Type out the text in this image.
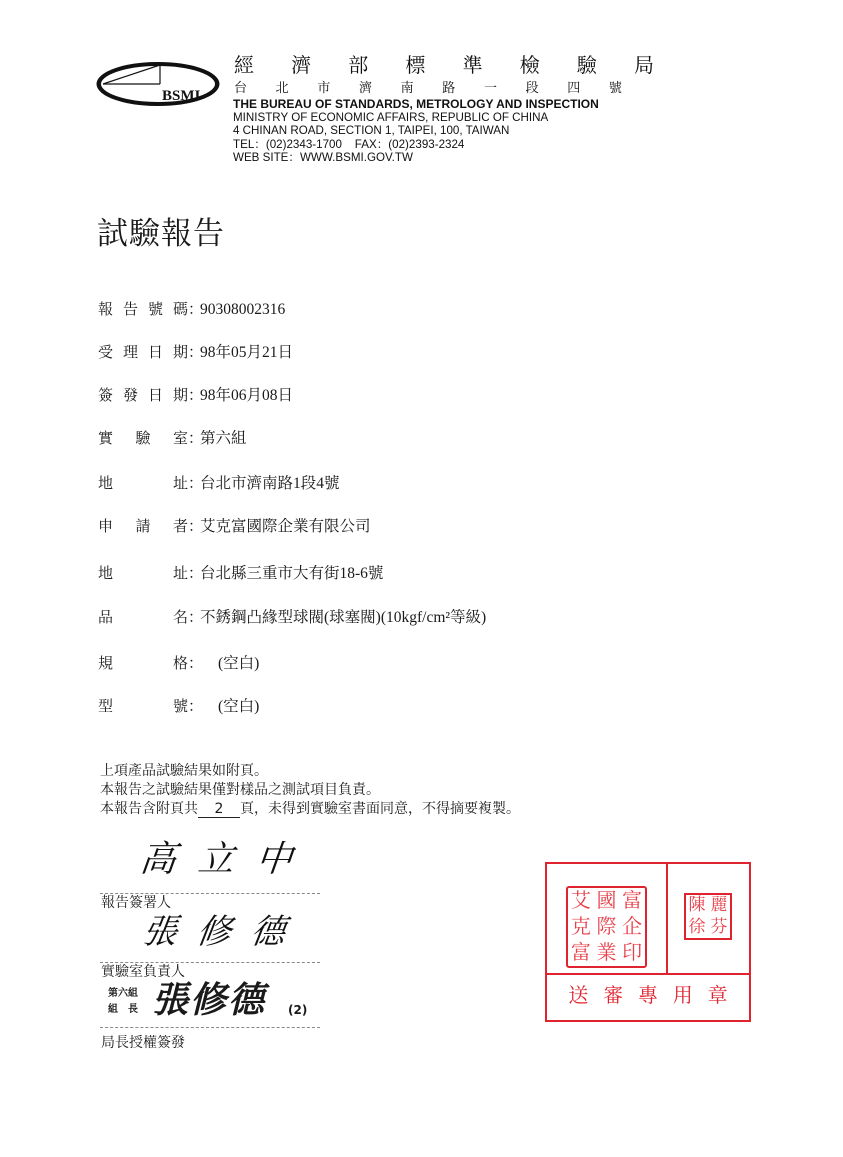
BSMI
經 濟 部 標 準 檢 驗 局
台 北 市 濟 南 路 一 段 四 號
THE BUREAU OF STANDARDS, METROLOGY AND INSPECTION
MINISTRY OF ECONOMIC AFFAIRS, REPUBLIC OF CHINA
4 CHINAN ROAD, SECTION 1, TAIPEI, 100, TAIWAN
TEL：(02)2343-1700    FAX：(02)2393-2324
WEB SITE：WWW.BSMI.GOV.TW
試驗報告
報 告 號 碼 ：
90308002316
受 理 日 期 ：
98年05月21日
簽 發 日 期 ：
98年06月08日
實 驗 室 ：
第六組
地	址 ：
台北市濟南路1段4號
申 請 者 ：
艾克富國際企業有限公司
地	址 ：
台北縣三重市大有街18-6號
品	名 ：
不銹鋼凸緣型球閥(球塞閥)(10kgf/cm²等級)
規	格 ： (空白)
型	號 ： (空白)
上項產品試驗結果如附頁。
本報告之試驗結果僅對樣品之測試項目負責。
本報告含附頁共 2 頁，未得到實驗室書面同意，不得摘要複製。
高立中
報告簽署人
張修德
實驗室負責人
第六組
組　長 張修德 (2)
局長授權簽發
艾 國 富
克 際 企
富 業 印
陳 麗
徐 芬
送 審 專 用 章
